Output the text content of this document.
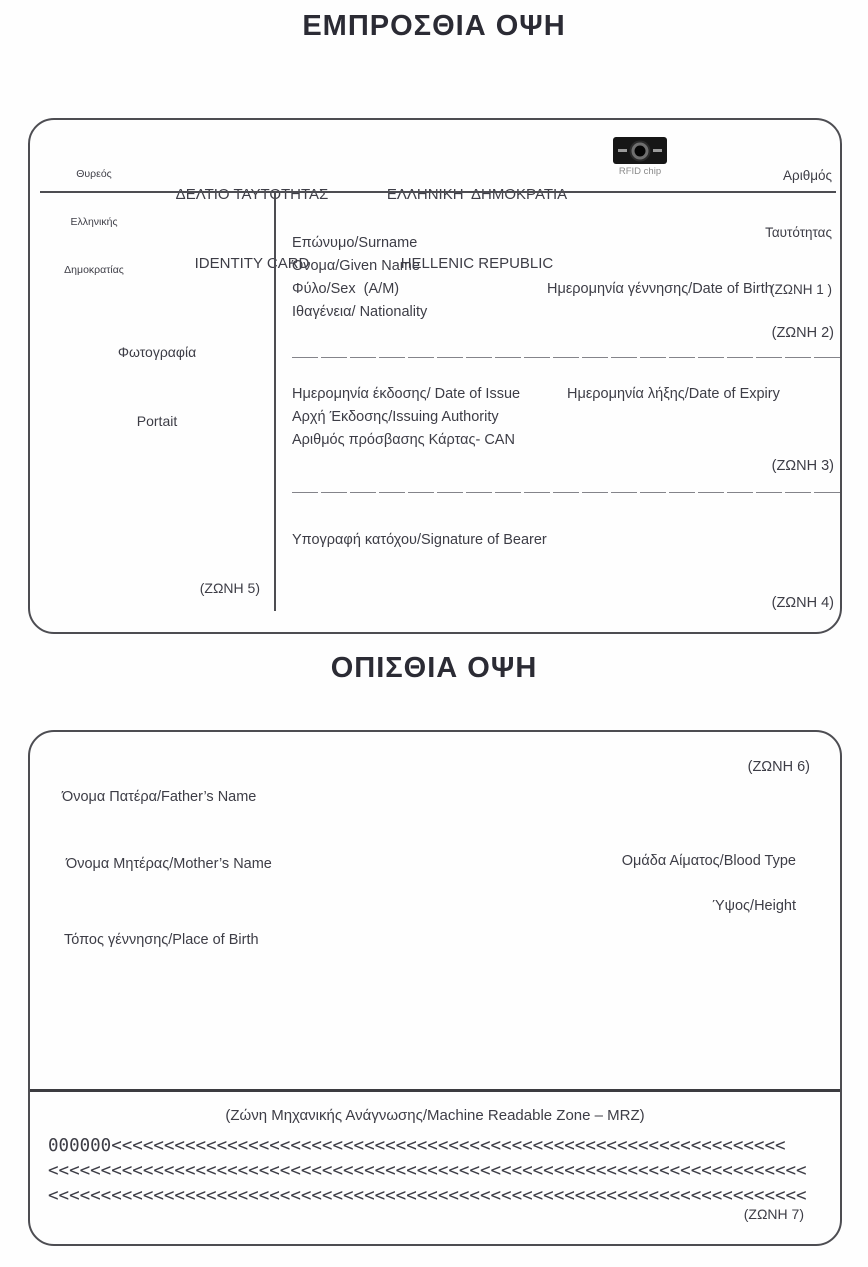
ΕΜΠΡΟΣΘΙΑ ΟΨΗ

Θυρεός

Ελληνικής

Δημοκρατίας

ΔΕΛΤΙΟ ΤΑΥΤΟΤΗΤΑΣ

IDENTITY CARD

ΕΛΛΗΝΙΚΗ  ΔΗΜΟΚΡΑΤΙΑ

HELLENIC REPUBLIC

RFID chip

	Αριθμός

Ταυτότητας

(ΖΩΝΗ 1 )

Φωτογραφία

Portait

(ΖΩΝΗ 5)
Επώνυμο/Surname
Όνομα/Given Name
Φύλο/Sex  (A/M)	Ημερομηνία γέννησης/Date of Birth
Ιθαγένεια/ Nationality
(ΖΩΝΗ 2)
Ημερομηνία έκδοσης/ Date of Issue	Ημερομηνία λήξης/Date of Expiry
Αρχή Έκδοσης/Issuing Authority
Αριθμός πρόσβασης Κάρτας- CAN
(ΖΩΝΗ 3)
Υπογραφή κατόχου/Signature of Bearer
(ΖΩΝΗ 4)
ΟΠΙΣΘΙΑ ΟΨΗ
(ΖΩΝΗ 6)
Όνομα Πατέρα/Father’s Name
Όνομα Μητέρας/Mother’s Name	Ομάδα Αίματος/Blood Type
Ύψος/Height
Τόπος γέννησης/Place of Birth
(Ζώνη Μηχανικής Ανάγνωσης/Machine Readable Zone – MRZ)
000000<<<<<<<<<<<<<<<<<<<<<<<<<<<<<<<<<<<<<<<<<<<<<<<<<<<<<<<<<<<<<<<<
<<<<<<<<<<<<<<<<<<<<<<<<<<<<<<<<<<<<<<<<<<<<<<<<<<<<<<<<<<<<<<<<<<<<<<<<
<<<<<<<<<<<<<<<<<<<<<<<<<<<<<<<<<<<<<<<<<<<<<<<<<<<<<<<<<<<<<<<<<<<<<<<<
(ΖΩΝΗ 7)
